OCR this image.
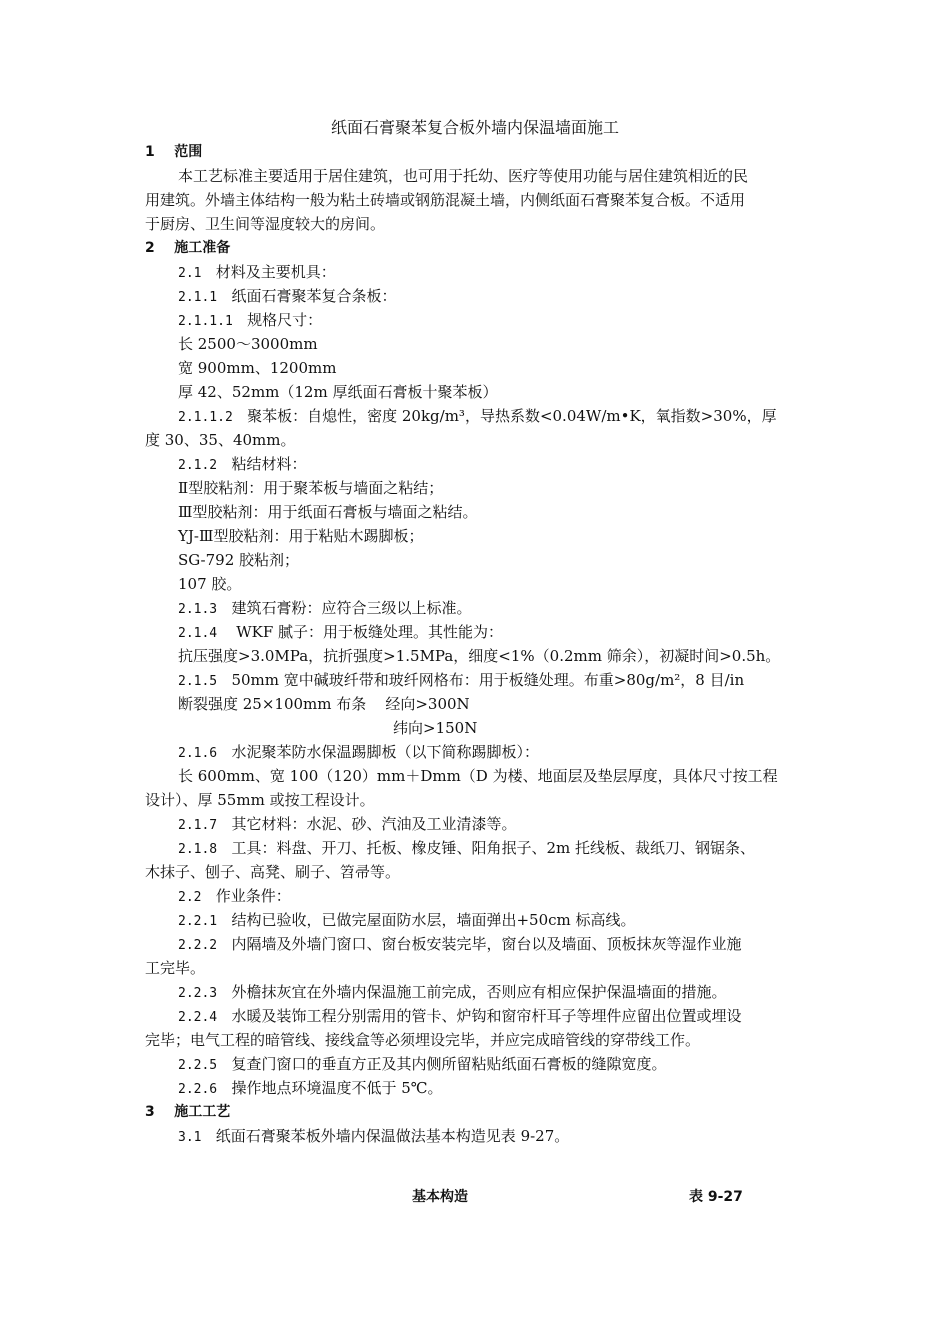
纸面石膏聚苯复合板外墙内保温墙面施工
1 范围
本工艺标准主要适用于居住建筑，也可用于托幼、医疗等使用功能与居住建筑相近的民
用建筑。外墙主体结构一般为粘土砖墙或钢筋混凝土墙，内侧纸面石膏聚苯复合板。不适用
于厨房、卫生间等湿度较大的房间。
2 施工准备
2.1 材料及主要机具：
2.1.1 纸面石膏聚苯复合条板：
2.1.1.1 规格尺寸：
长 2500～3000mm
宽 900mm、1200mm
厚 42、52mm（12m 厚纸面石膏板十聚苯板）
2.1.1.2 聚苯板：自熄性，密度 20kg/m³，导热系数<0.04W/m•K，氧指数>30%，厚
度 30、35、40mm。
2.1.2 粘结材料：
Ⅱ型胶粘剂：用于聚苯板与墙面之粘结；
Ⅲ型胶粘剂：用于纸面石膏板与墙面之粘结。
YJ-Ⅲ型胶粘剂：用于粘贴木踢脚板；
SG-792 胶粘剂；
107 胶。
2.1.3 建筑石膏粉：应符合三级以上标准。
2.1.4    WKF 腻子：用于板缝处理。其性能为：
抗压强度>3.0MPa，抗折强度>1.5MPa，细度<1%（0.2mm 筛余），初凝时间>0.5h。
2.1.5 50mm 宽中碱玻纤带和玻纤网格布：用于板缝处理。布重>80g/m²，8 目/in
断裂强度 25×100mm 布条    经向>300N
纬向>150N
2.1.6 水泥聚苯防水保温踢脚板（以下简称踢脚板）：
长 600mm、宽 100（120）mm＋Dmm（D 为楼、地面层及垫层厚度，具体尺寸按工程
设计）、厚 55mm 或按工程设计。
2.1.7 其它材料：水泥、砂、汽油及工业清漆等。
2.1.8 工具：料盘、开刀、托板、橡皮锤、阳角抿子、2m 托线板、裁纸刀、钢锯条、
木抹子、刨子、高凳、刷子、笤帚等。
2.2 作业条件：
2.2.1 结构已验收，已做完屋面防水层，墙面弹出+50cm 标高线。
2.2.2 内隔墙及外墙门窗口、窗台板安装完毕，窗台以及墙面、顶板抹灰等湿作业施
工完毕。
2.2.3 外檐抹灰宜在外墙内保温施工前完成，否则应有相应保护保温墙面的措施。
2.2.4 水暖及装饰工程分别需用的管卡、炉钩和窗帘杆耳子等埋件应留出位置或埋设
完毕；电气工程的暗管线、接线盒等必须埋设完毕，并应完成暗管线的穿带线工作。
2.2.5 复查门窗口的垂直方正及其内侧所留粘贴纸面石膏板的缝隙宽度。
2.2.6 操作地点环境温度不低于 5℃。
3 施工工艺
3.1 纸面石膏聚苯板外墙内保温做法基本构造见表 9-27。
基本构造	表 9-27
